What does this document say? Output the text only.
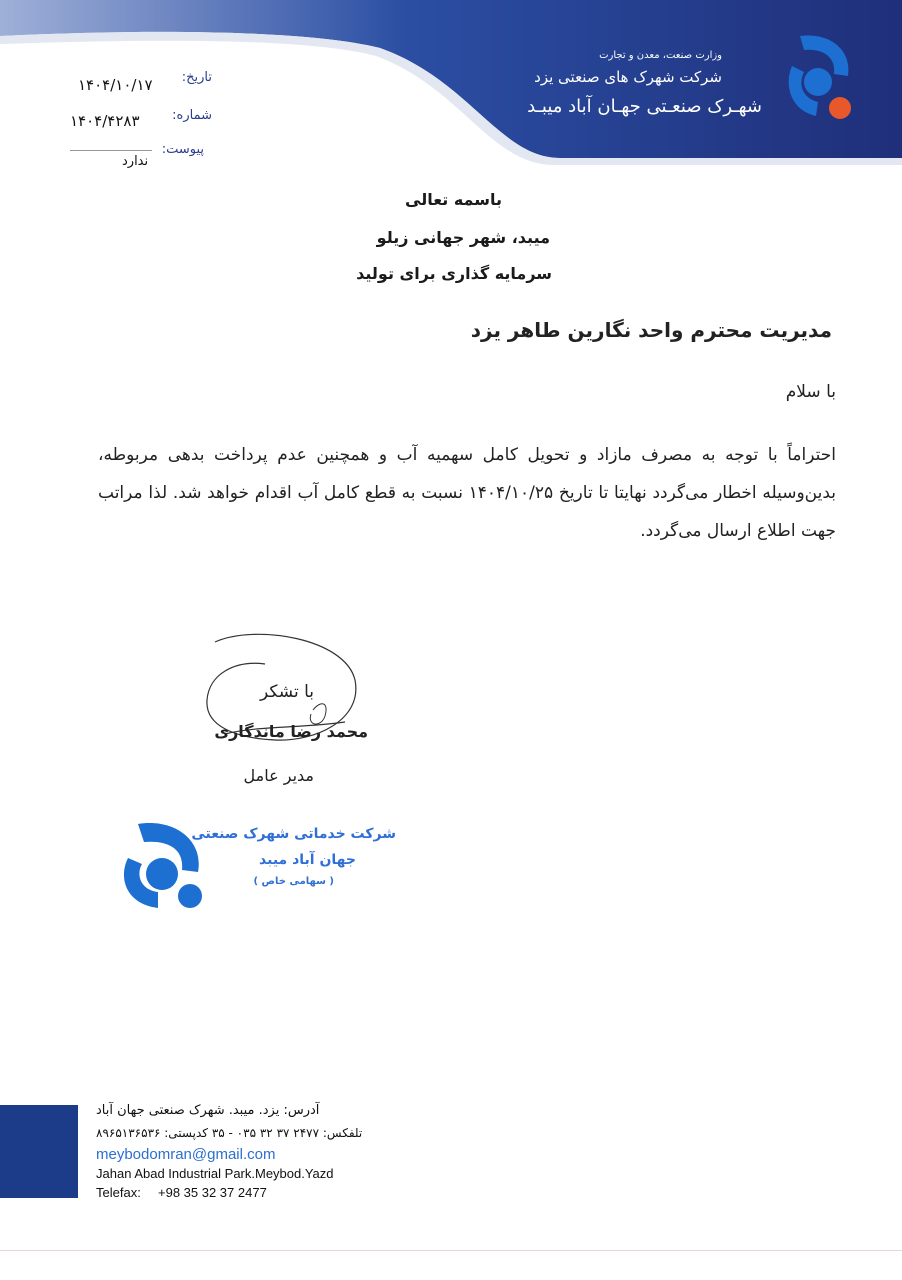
وزارت صنعت، معدن و تجارت
شرکت شهرک های صنعتی یزد
شهـرک صنعـتی جهـان آباد میبـد
تاریخ:
۱۴۰۴/۱۰/۱۷
شماره:
۱۴۰۴/۴۲۸۳
پیوست:
ندارد
باسمه تعالی
میبد، شهر جهانی زیلو
سرمایه گذاری برای تولید
مدیریت محترم واحد نگارین طاهر یزد
با سلام
احتراماً با توجه به مصرف مازاد و تحویل کامل سهمیه آب و همچنین عدم پرداخت بدهی مربوطه، بدین‌وسیله اخطار می‌گردد نهایتا تا تاریخ ۱۴۰۴/۱۰/۲۵ نسبت به قطع کامل آب اقدام خواهد شد. لذا مراتب جهت اطلاع ارسال می‌گردد.
با تشکر
محمد رضا ماندگاری
مدیر عامل
شرکت خدماتی شهرک صنعتی
جهان آباد میبد
( سهامی خاص )
آدرس: یزد. میبد. شهرک صنعتی جهان آباد
تلفکس: ۲۴۷۷ ۳۷ ۳۲ ۰۳۵ - ۳۵ کدپستی: ۸۹۶۵۱۳۶۵۳۶
meybodomran@gmail.com
Jahan Abad Industrial Park.Meybod.Yazd
Telefax: +98 35 32 37 2477
